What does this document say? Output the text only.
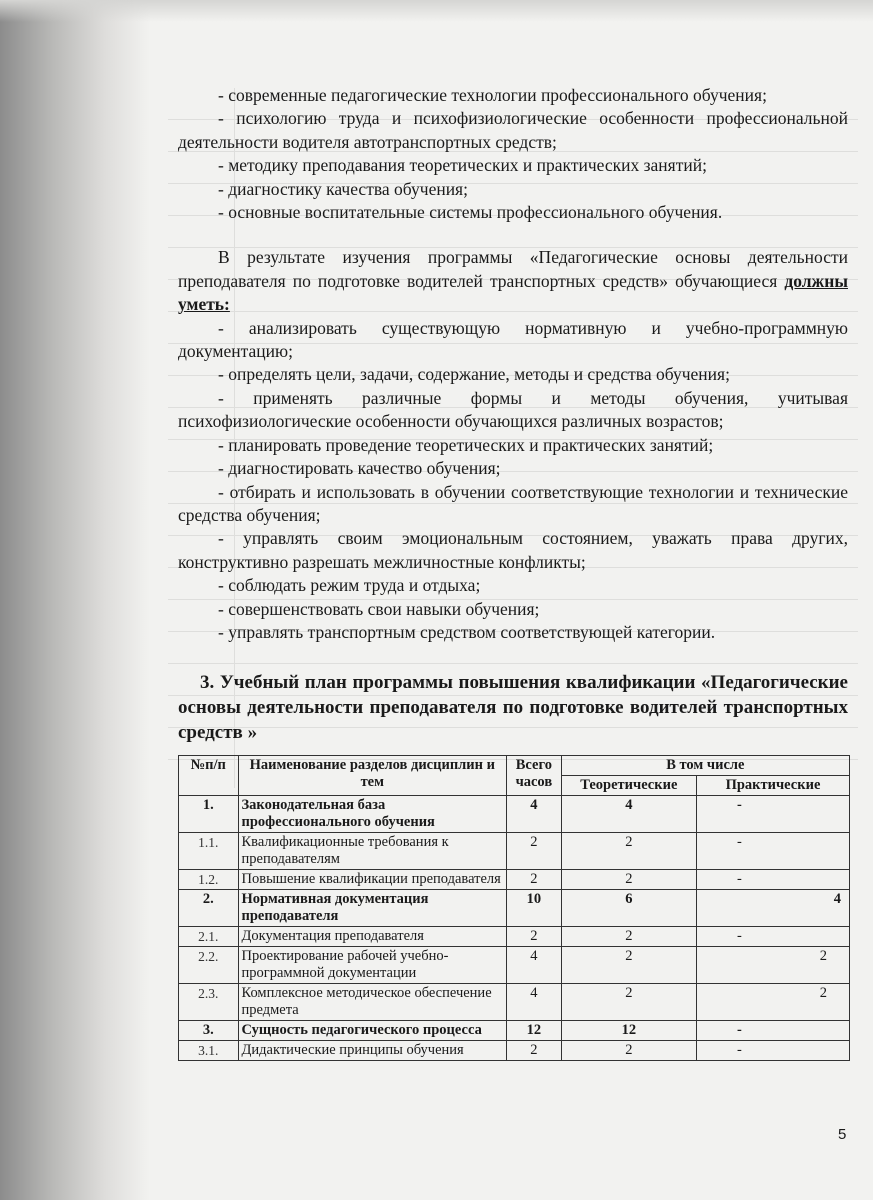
- современные педагогические технологии профессионального обучения;

- психологию труда и психофизиологические особенности профессиональной деятельности водителя автотранспортных средств;

- методику преподавания теоретических и практических занятий;

- диагностику качества обучения;

- основные воспитательные системы профессионального обучения.

В результате изучения программы «Педагогические основы деятельности преподавателя по подготовке водителей транспортных средств» обучающиеся должны уметь:

- анализировать существующую нормативную и учебно-программную документацию;

- определять цели, задачи, содержание, методы и средства обучения;

- применять различные формы и методы обучения, учитывая психофизиологические особенности обучающихся различных возрастов;

- планировать проведение теоретических и практических занятий;

- диагностировать качество обучения;

- отбирать и использовать в обучении соответствующие технологии и технические средства обучения;

- управлять своим эмоциональным состоянием, уважать права других, конструктивно разрешать межличностные конфликты;

- соблюдать режим труда и отдыха;

- совершенствовать свои навыки обучения;

- управлять транспортным средством соответствующей категории.

3. Учебный план программы повышения квалификации «Педагогические основы деятельности преподавателя по подготовке водителей транспортных средств »

№п/п	Наименование разделов дисциплин и тем	Всего часов	В том числе	
			Теоретические	Практические
1.	Законодательная база профессионального обучения	4	4	-
1.1.	Квалификационные требования к преподавателям	2	2	-
1.2.	Повышение квалификации преподавателя	2	2	-
2.	Нормативная документация преподавателя	10	6	4
2.1.	Документация преподавателя	2	2	-
2.2.	Проектирование рабочей учебно-программной документации	4	2	2
2.3.	Комплексное методическое обеспечение предмета	4	2	2
3.	Сущность педагогического процесса	12	12	-
3.1.	Дидактические принципы обучения	2	2	-
5
